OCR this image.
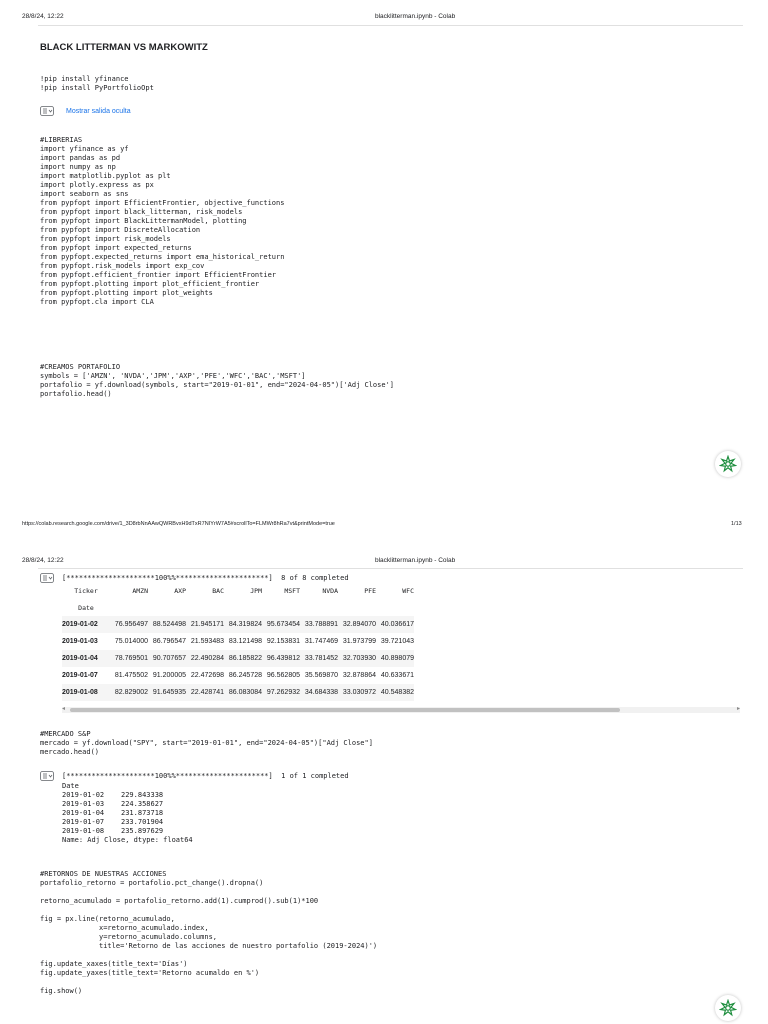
28/8/24, 12:22	blacklitterman.ipynb - Colab
BLACK LITTERMAN VS MARKOWITZ
!pip install yfinance
!pip install PyPortfolioOpt
Mostrar salida oculta
#LIBRERIAS
import yfinance as yf
import pandas as pd
import numpy as np
import matplotlib.pyplot as plt
import plotly.express as px
import seaborn as sns
from pypfopt import EfficientFrontier, objective_functions
from pypfopt import black_litterman, risk_models
from pypfopt import BlackLittermanModel, plotting
from pypfopt import DiscreteAllocation
from pypfopt import risk_models
from pypfopt import expected_returns
from pypfopt.expected_returns import ema_historical_return
from pypfopt.risk_models import exp_cov
from pypfopt.efficient_frontier import EfficientFrontier
from pypfopt.plotting import plot_efficient_frontier
from pypfopt.plotting import plot_weights
from pypfopt.cla import CLA
#CREAMOS PORTAFOLIO
symbols = ['AMZN', 'NVDA','JPM','AXP','PFE','WFC','BAC','MSFT']
portafolio = yf.download(symbols, start="2019-01-01", end="2024-04-05")['Adj Close']
portafolio.head()
https://colab.research.google.com/drive/1_3D8rbNnAAwQWRBvxH9dTxR7NIYrW7A5#scrollTo=FLMWr8hRa7vt&printMode=true	1/13
28/8/24, 12:22	blacklitterman.ipynb - Colab
[*********************100%%**********************]  8 of 8 completed
Ticker	AMZN	AXP	BAC	JPM	MSFT	NVDA	PFE	WFC
Date								
2019-01-02	76.956497	88.524498	21.945171	84.319824	95.673454	33.788891	32.894070	40.036617
2019-01-03	75.014000	86.796547	21.593483	83.121498	92.153831	31.747469	31.973799	39.721043
2019-01-04	78.769501	90.707657	22.490284	86.185822	96.439812	33.781452	32.703930	40.898079
2019-01-07	81.475502	91.200005	22.472698	86.245728	96.562805	35.569870	32.878864	40.633671
2019-01-08	82.829002	91.645935	22.428741	86.083084	97.262932	34.684338	33.030972	40.548382
◂	▸
#MERCADO S&P
mercado = yf.download("SPY", start="2019-01-01", end="2024-04-05")["Adj Close"]
mercado.head()
[*********************100%%**********************]  1 of 1 completed
Date
2019-01-02    229.843338
2019-01-03    224.358627
2019-01-04    231.873718
2019-01-07    233.701904
2019-01-08    235.897629
Name: Adj Close, dtype: float64
#RETORNOS DE NUESTRAS ACCIONES
portafolio_retorno = portafolio.pct_change().dropna()

retorno_acumulado = portafolio_retorno.add(1).cumprod().sub(1)*100

fig = px.line(retorno_acumulado,
x=retorno_acumulado.index,
y=retorno_acumulado.columns,
title='Retorno de las acciones de nuestro portafolio (2019-2024)')

fig.update_xaxes(title_text='Días')
fig.update_yaxes(title_text='Retorno acumaldo en %')

fig.show()
